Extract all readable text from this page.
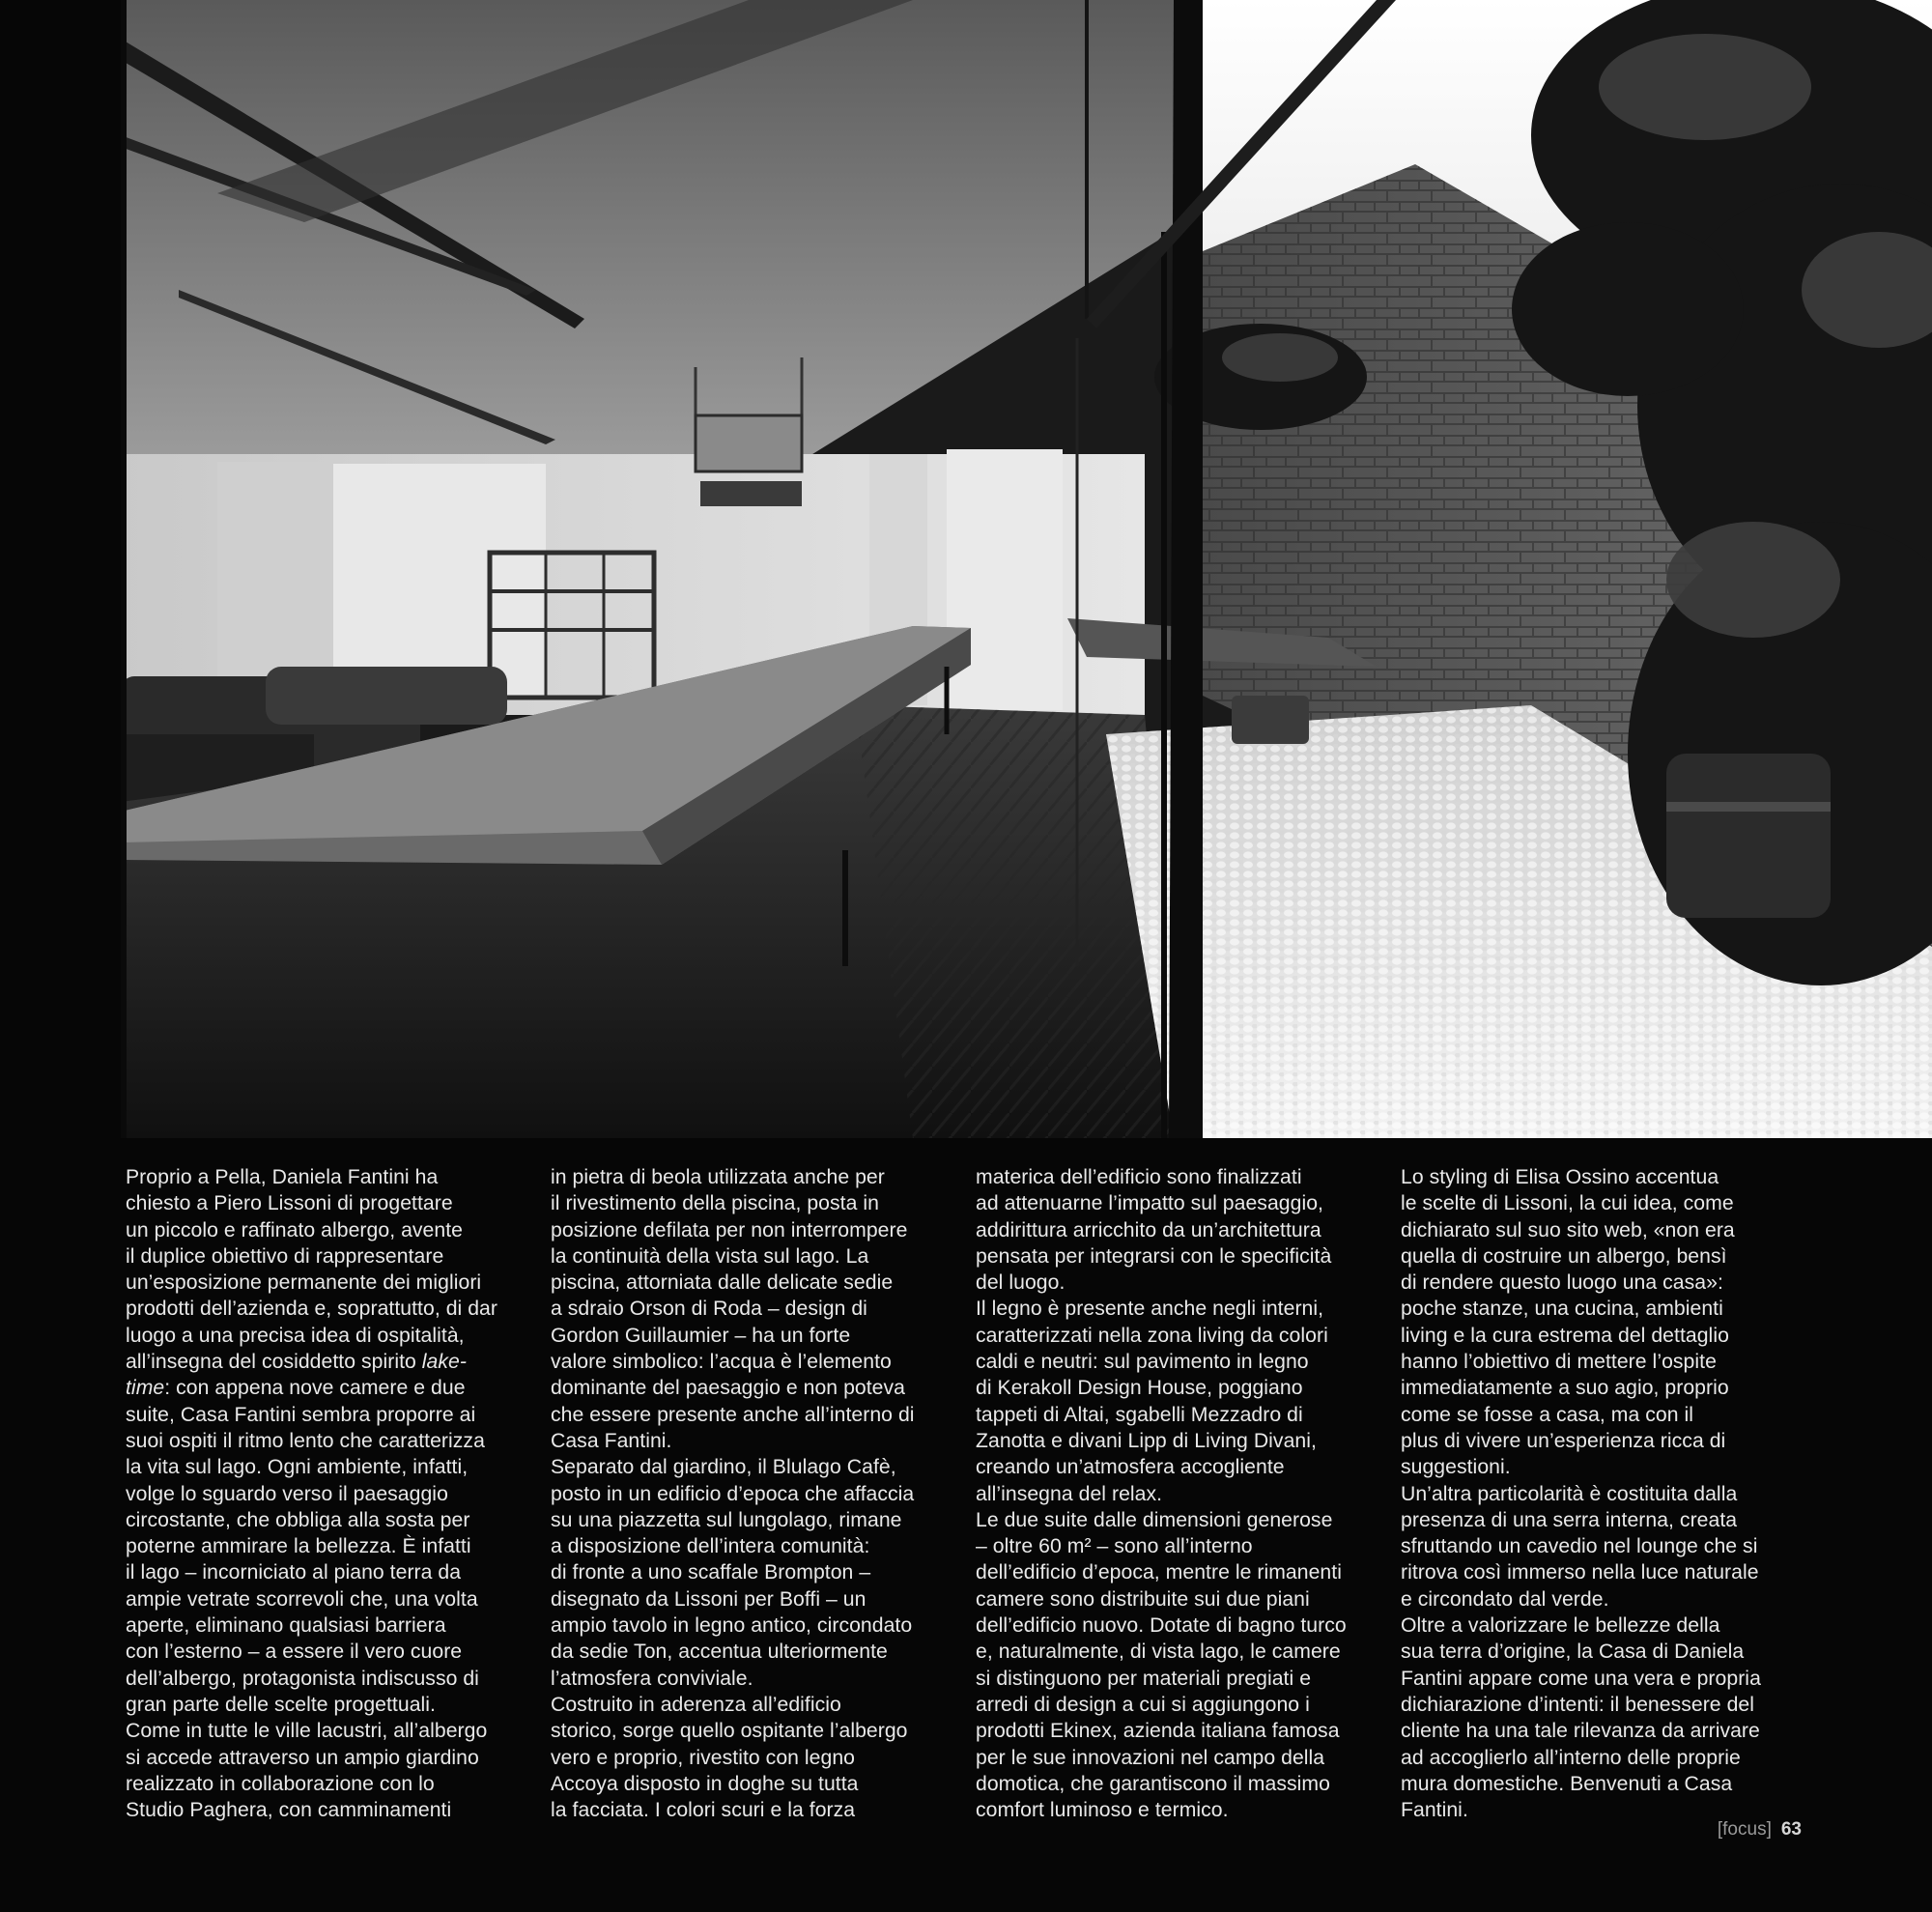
Proprio a Pella, Daniela Fantini ha
chiesto a Piero Lissoni di progettare
un piccolo e raffinato albergo, avente
il duplice obiettivo di rappresentare
un’esposizione permanente dei migliori
prodotti dell’azienda e, soprattutto, di dar
luogo a una precisa idea di ospitalità,
all’insegna del cosiddetto spirito lake-
time: con appena nove camere e due
suite, Casa Fantini sembra proporre ai
suoi ospiti il ritmo lento che caratterizza
la vita sul lago. Ogni ambiente, infatti,
volge lo sguardo verso il paesaggio
circostante, che obbliga alla sosta per
poterne ammirare la bellezza. È infatti
il lago – incorniciato al piano terra da
ampie vetrate scorrevoli che, una volta
aperte, eliminano qualsiasi barriera
con l’esterno – a essere il vero cuore
dell’albergo, protagonista indiscusso di
gran parte delle scelte progettuali.
Come in tutte le ville lacustri, all’albergo
si accede attraverso un ampio giardino
realizzato in collaborazione con lo
Studio Paghera, con camminamenti
in pietra di beola utilizzata anche per
il rivestimento della piscina, posta in
posizione defilata per non interrompere
la continuità della vista sul lago. La
piscina, attorniata dalle delicate sedie
a sdraio Orson di Roda – design di
Gordon Guillaumier – ha un forte
valore simbolico: l’acqua è l’elemento
dominante del paesaggio e non poteva
che essere presente anche all’interno di
Casa Fantini.
Separato dal giardino, il Blulago Cafè,
posto in un edificio d’epoca che affaccia
su una piazzetta sul lungolago, rimane
a disposizione dell’intera comunità:
di fronte a uno scaffale Brompton –
disegnato da Lissoni per Boffi – un
ampio tavolo in legno antico, circondato
da sedie Ton, accentua ulteriormente
l’atmosfera conviviale.
Costruito in aderenza all’edificio
storico, sorge quello ospitante l’albergo
vero e proprio, rivestito con legno
Accoya disposto in doghe su tutta
la facciata. I colori scuri e la forza
materica dell’edificio sono finalizzati
ad attenuarne l’impatto sul paesaggio,
addirittura arricchito da un’architettura
pensata per integrarsi con le specificità
del luogo.
Il legno è presente anche negli interni,
caratterizzati nella zona living da colori
caldi e neutri: sul pavimento in legno
di Kerakoll Design House, poggiano
tappeti di Altai, sgabelli Mezzadro di
Zanotta e divani Lipp di Living Divani,
creando un’atmosfera accogliente
all’insegna del relax.
Le due suite dalle dimensioni generose
– oltre 60 m² – sono all’interno
dell’edificio d’epoca, mentre le rimanenti
camere sono distribuite sui due piani
dell’edificio nuovo. Dotate di bagno turco
e, naturalmente, di vista lago, le camere
si distinguono per materiali pregiati e
arredi di design a cui si aggiungono i
prodotti Ekinex, azienda italiana famosa
per le sue innovazioni nel campo della
domotica, che garantiscono il massimo
comfort luminoso e termico.
Lo styling di Elisa Ossino accentua
le scelte di Lissoni, la cui idea, come
dichiarato sul suo sito web, «non era
quella di costruire un albergo, bensì
di rendere questo luogo una casa»:
poche stanze, una cucina, ambienti
living e la cura estrema del dettaglio
hanno l’obiettivo di mettere l’ospite
immediatamente a suo agio, proprio
come se fosse a casa, ma con il
plus di vivere un’esperienza ricca di
suggestioni.
Un’altra particolarità è costituita dalla
presenza di una serra interna, creata
sfruttando un cavedio nel lounge che si
ritrova così immerso nella luce naturale
e circondato dal verde.
Oltre a valorizzare le bellezze della
sua terra d’origine, la Casa di Daniela
Fantini appare come una vera e propria
dichiarazione d’intenti: il benessere del
cliente ha una tale rilevanza da arrivare
ad accoglierlo all’interno delle proprie
mura domestiche. Benvenuti a Casa
Fantini.
[focus] 63
